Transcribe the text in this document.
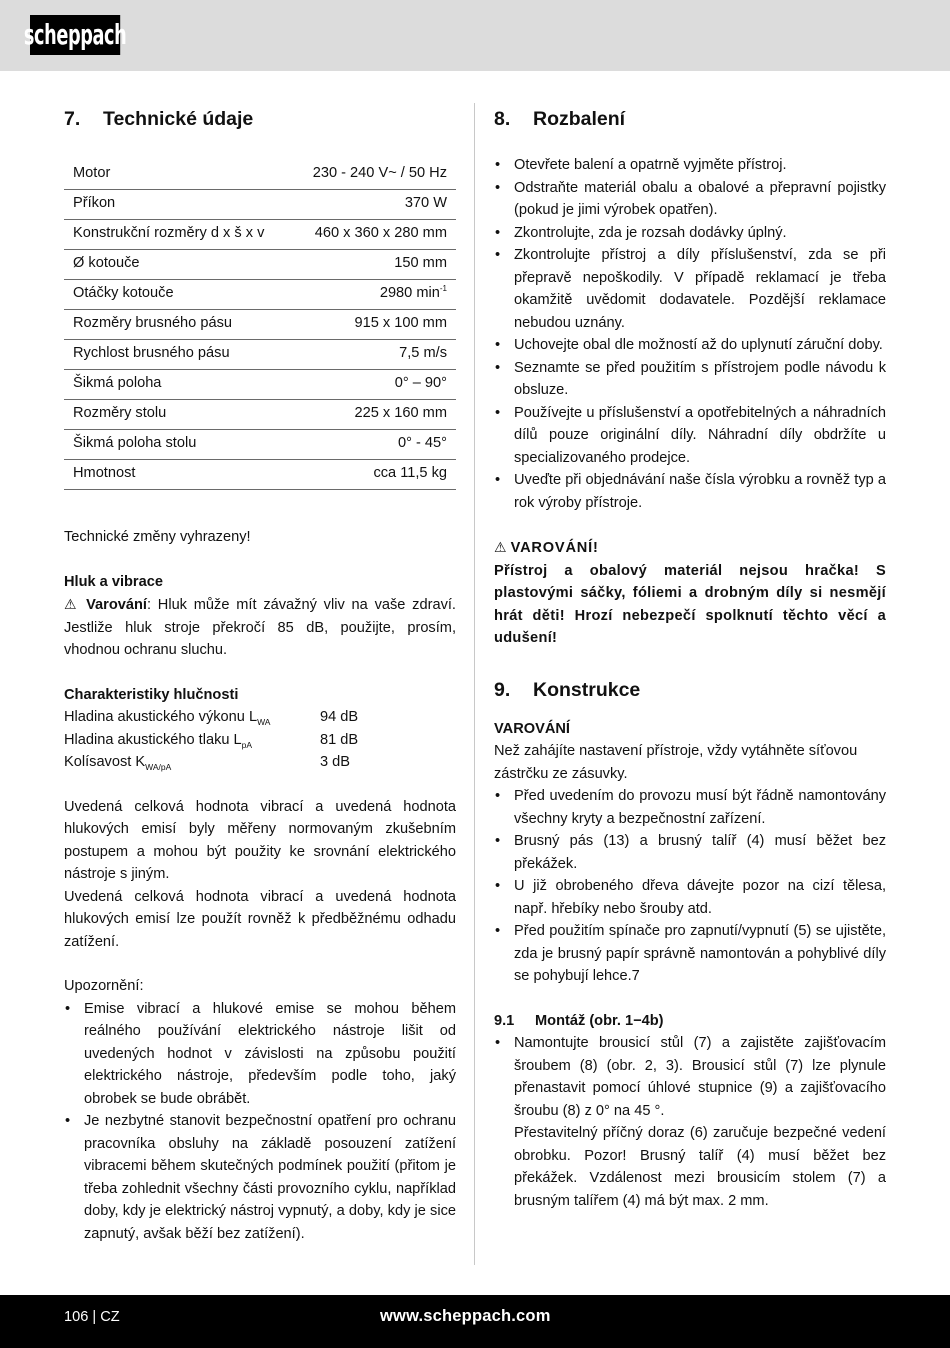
scheppach
7.	Technické údaje
Motor	230 - 240 V~ / 50 Hz
Příkon	370 W
Konstrukční rozměry d x š x v	460 x 360 x 280 mm
Ø kotouče	150 mm
Otáčky kotouče	2980 $\min^{-1}$
Rozměry brusného pásu	915 x 100 mm
Rychlost brusného pásu	7,5 m/s
Šikmá poloha	0° – 90°
Rozměry stolu	225 x 160 mm
Šikmá poloha stolu	0° - 45°
Hmotnost	cca 11,5 kg

Technické změny vyhrazeny!

Hluk a vibrace

⚠ Varování: Hluk může mít závažný vliv na vaše zdraví. Jestliže hluk stroje překročí 85 dB, použijte, prosím, vhodnou ochranu sluchu.

Charakteristiky hlučnosti

Hladina akustického výkonu $L_{WA}$	94 dB
Hladina akustického tlaku $L_{pA}$	81 dB
Kolísavost $K_{WA/pA}$	3 dB

Uvedená celková hodnota vibrací a uvedená hodnota hlukových emisí byly měřeny normovaným zkušebním postupem a mohou být použity ke srovnání elektrického nástroje s jiným.

Uvedená celková hodnota vibrací a uvedená hodnota hlukových emisí lze použít rovněž k předběžnému odhadu zatížení.

Upozornění:

• Emise vibrací a hlukové emise se mohou během reálného používání elektrického nástroje lišit od uvedených hodnot v závislosti na způsobu použití elektrického nástroje, především podle toho, jaký obrobek se bude obrábět.
• Je nezbytné stanovit bezpečnostní opatření pro ochranu pracovníka obsluhy na základě posouzení zatížení vibracemi během skutečných podmínek použití (přitom je třeba zohlednit všechny části provozního cyklu, například doby, kdy je elektrický nástroj vypnutý, a doby, kdy je sice zapnutý, avšak běží bez zatížení).
8.	Rozbalení
• Otevřete balení a opatrně vyjměte přístroj.
• Odstraňte materiál obalu a obalové a přepravní pojistky (pokud je jimi výrobek opatřen).
• Zkontrolujte, zda je rozsah dodávky úplný.
• Zkontrolujte přístroj a díly příslušenství, zda se při přepravě nepoškodily. V případě reklamací je třeba okamžitě uvědomit dodavatele. Pozdější reklamace nebudou uznány.
• Uchovejte obal dle možností až do uplynutí záruční doby.
• Seznamte se před použitím s přístrojem podle návodu k obsluze.
• Používejte u příslušenství a opotřebitelných a náhradních dílů pouze originální díly. Náhradní díly obdržíte u specializovaného prodejce.
• Uveďte při objednávání naše čísla výrobku a rovněž typ a rok výroby přístroje.

⚠ VAROVÁNÍ!

Přístroj a obalový materiál nejsou hračka! S plastovými sáčky, fóliemi a drobným díly si nesmějí hrát děti! Hrozí nebezpečí spolknutí těchto věcí a udušení!

9.	Konstrukce

VAROVÁNÍ

Než zahájíte nastavení přístroje, vždy vytáhněte síťovou zástrčku ze zásuvky.

• Před uvedením do provozu musí být řádně namontovány všechny kryty a bezpečnostní zařízení.
• Brusný pás (13) a brusný talíř (4) musí běžet bez překážek.
• U již obrobeného dřeva dávejte pozor na cizí tělesa, např. hřebíky nebo šrouby atd.
• Před použitím spínače pro zapnutí/vypnutí (5) se ujistěte, zda je brusný papír správně namontován a pohyblivé díly se pohybují lehce.7

9.1 Montáž (obr. 1−4b)

• Namontujte brousicí stůl (7) a zajistěte zajišťovacím šroubem (8) (obr. 2, 3). Brousicí stůl (7) lze plynule přenastavit pomocí úhlové stupnice (9) a zajišťovacího šroubu (8) z 0° na 45 °.
Přestavitelný příčný doraz (6) zaručuje bezpečné vedení obrobku. Pozor! Brusný talíř (4) musí běžet bez překážek. Vzdálenost mezi brousicím stolem (7) a brusným talířem (4) má být max. 2 mm.
106 | CZ	www.scheppach.com
